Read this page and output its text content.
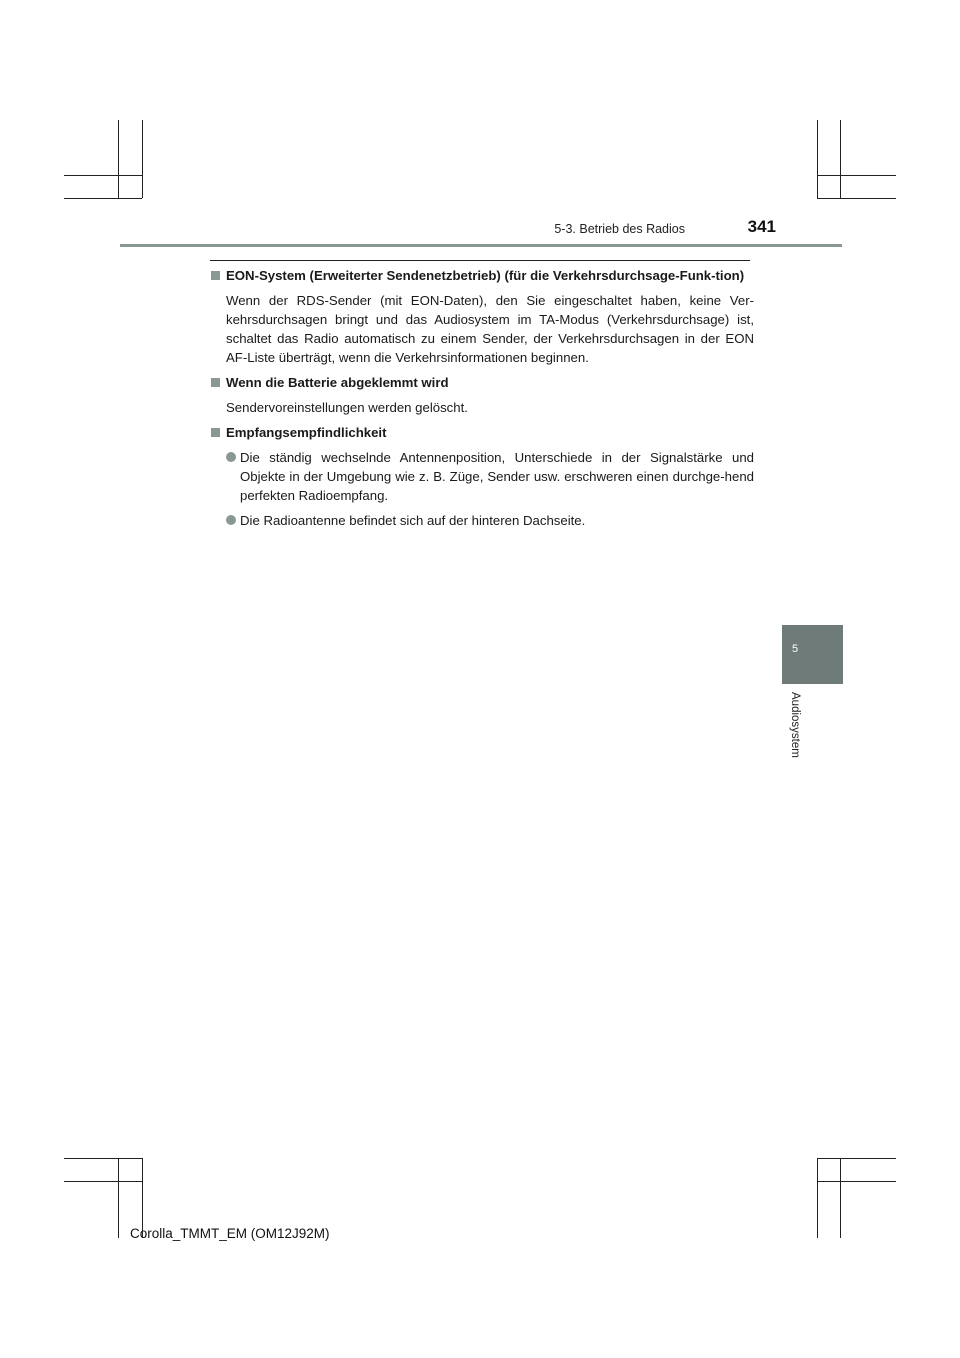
5-3. Betrieb des Radios	341
EON-System (Erweiterter Sendenetzbetrieb) (für die Verkehrsdurchsage-Funk-tion)
Wenn der RDS-Sender (mit EON-Daten), den Sie eingeschaltet haben, keine Ver-kehrsdurchsagen bringt und das Audiosystem im TA-Modus (Verkehrsdurchsage) ist, schaltet das Radio automatisch zu einem Sender, der Verkehrsdurchsagen in der EON AF-Liste überträgt, wenn die Verkehrsinformationen beginnen.
Wenn die Batterie abgeklemmt wird
Sendervoreinstellungen werden gelöscht.
Empfangsempfindlichkeit
Die ständig wechselnde Antennenposition, Unterschiede in der Signalstärke und Objekte in der Umgebung wie z. B. Züge, Sender usw. erschweren einen durchge-hend perfekten Radioempfang.
Die Radioantenne befindet sich auf der hinteren Dachseite.
5
Audiosystem
Corolla_TMMT_EM (OM12J92M)
